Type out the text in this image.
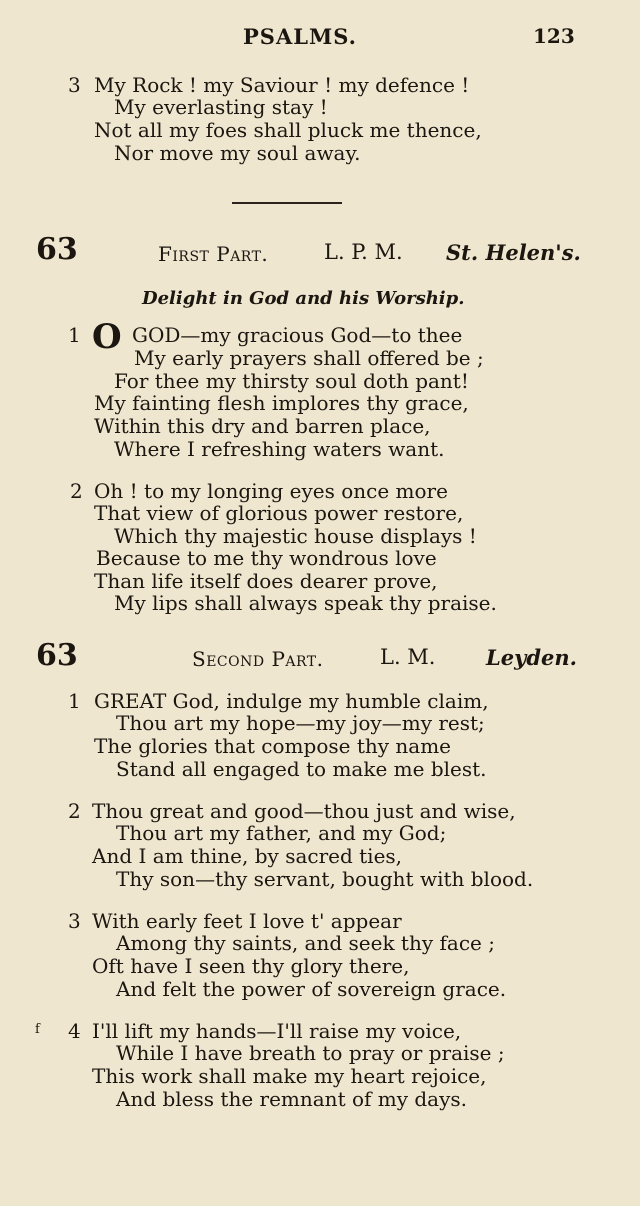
PSALMS.	123
3 My Rock ! my Saviour ! my defence !
My everlasting stay !
Not all my foes shall pluck me thence,
Nor move my soul away.
63	First Part.	L. P. M. St. Helen's.
Delight in God and his Worship.
1 O GOD—my gracious God—to thee
My early prayers shall offered be ;
For thee my thirsty soul doth pant!
My fainting flesh implores thy grace,
Within this dry and barren place,
Where I refreshing waters want.
2 Oh ! to my longing eyes once more
That view of glorious power restore,
Which thy majestic house displays !
Because to me thy wondrous love
Than life itself does dearer prove,
My lips shall always speak thy praise.
63	Second Part.	L. M. Leyden.
1 GREAT God, indulge my humble claim,
Thou art my hope—my joy—my rest;
The glories that compose thy name
Stand all engaged to make me blest.
2 Thou great and good—thou just and wise,
Thou art my father, and my God;
And I am thine, by sacred ties,
Thy son—thy servant, bought with blood.
3 With early feet I love t' appear
Among thy saints, and seek thy face ;
Oft have I seen thy glory there,
And felt the power of sovereign grace.
f 4 I'll lift my hands—I'll raise my voice,
While I have breath to pray or praise ;
This work shall make my heart rejoice,
And bless the remnant of my days.
